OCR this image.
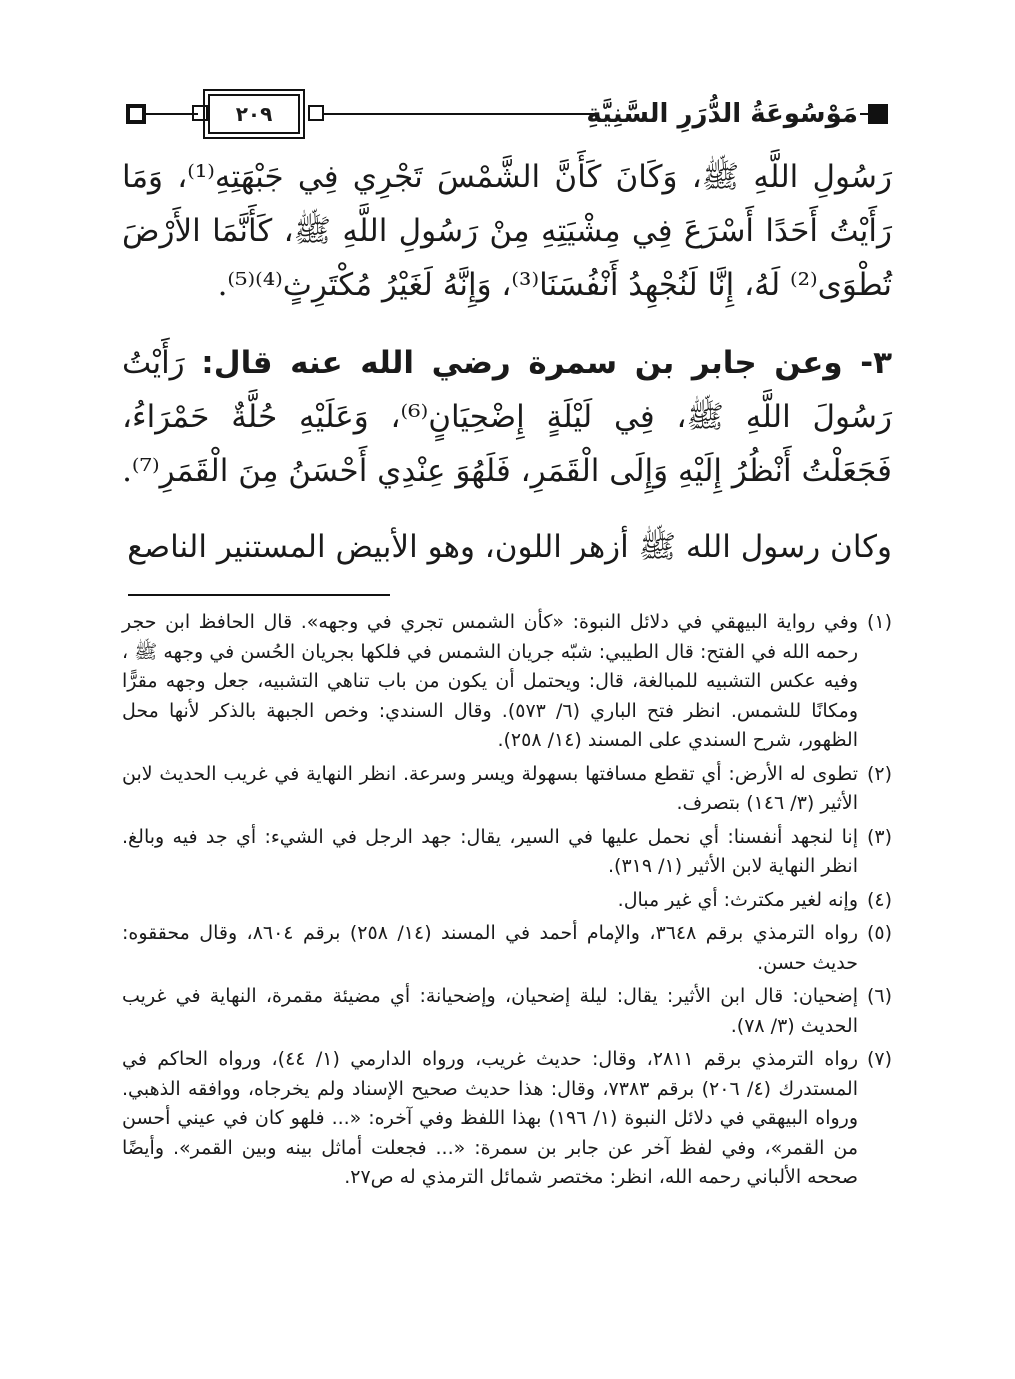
٢٠٩	مَوْسُوعَةُ الدُّرَرِ السَّنِيَّةِ
رَسُولِ اللَّهِ ﷺ، وَكَانَ كَأَنَّ الشَّمْسَ تَجْرِي فِي جَبْهَتِهِ⁽¹⁾، وَمَا رَأَيْتُ أَحَدًا أَسْرَعَ فِي مِشْيَتِهِ مِنْ رَسُولِ اللَّهِ ﷺ، كَأَنَّمَا الأَرْضَ تُطْوَى⁽²⁾ لَهُ، إِنَّا لَنُجْهِدُ أَنْفُسَنَا⁽³⁾، وَإِنَّهُ لَغَيْرُ مُكْتَرِثٍ⁽⁴⁾⁽⁵⁾.
٣- وعن جابر بن سمرة رضي الله عنه قال: رَأَيْتُ رَسُولَ اللَّهِ ﷺ، فِي لَيْلَةٍ إِضْحِيَانٍ⁽⁶⁾، وَعَلَيْهِ حُلَّةٌ حَمْرَاءُ، فَجَعَلْتُ أَنْظُرُ إِلَيْهِ وَإِلَى الْقَمَرِ، فَلَهُوَ عِنْدِي أَحْسَنُ مِنَ الْقَمَرِ⁽⁷⁾.
وكان رسول الله ﷺ أزهر اللون، وهو الأبيض المستنير الناصع

(١)وفي رواية البيهقي في دلائل النبوة: «كأن الشمس تجري في وجهه». قال الحافظ ابن حجر رحمه الله في الفتح: قال الطيبي: شبّه جريان الشمس في فلكها بجريان الحُسن في وجهه ﷺ ، وفيه عكس التشبيه للمبالغة، قال: ويحتمل أن يكون من باب تناهي التشبيه، جعل وجهه مقرًّا ومكانًا للشمس. انظر فتح الباري (٦/ ٥٧٣). وقال السندي: وخص الجبهة بالذكر لأنها محل الظهور، شرح السندي على المسند (١٤/ ٢٥٨).

(٢)تطوى له الأرض: أي تقطع مسافتها بسهولة ويسر وسرعة. انظر النهاية في غريب الحديث لابن الأثير (٣/ ١٤٦) بتصرف.

(٣)إنا لنجهد أنفسنا: أي نحمل عليها في السير، يقال: جهد الرجل في الشيء: أي جد فيه وبالغ. انظر النهاية لابن الأثير (١/ ٣١٩).

(٤)وإنه لغير مكترث: أي غير مبال.

(٥)رواه الترمذي برقم ٣٦٤٨، والإمام أحمد في المسند (١٤/ ٢٥٨) برقم ٨٦٠٤، وقال محققوه: حديث حسن.

(٦)إضحيان: قال ابن الأثير: يقال: ليلة إضحيان، وإضحيانة: أي مضيئة مقمرة، النهاية في غريب الحديث (٣/ ٧٨).

(٧)رواه الترمذي برقم ٢٨١١، وقال: حديث غريب، ورواه الدارمي (١/ ٤٤)، ورواه الحاكم في المستدرك (٤/ ٢٠٦) برقم ٧٣٨٣، وقال: هذا حديث صحيح الإسناد ولم يخرجاه، ووافقه الذهبي. ورواه البيهقي في دلائل النبوة (١/ ١٩٦) بهذا اللفظ وفي آخره: «... فلهو كان في عيني أحسن من القمر»، وفي لفظ آخر عن جابر بن سمرة: «... فجعلت أماثل بينه وبين القمر». وأيضًا صححه الألباني رحمه الله، انظر: مختصر شمائل الترمذي له ص٢٧.
